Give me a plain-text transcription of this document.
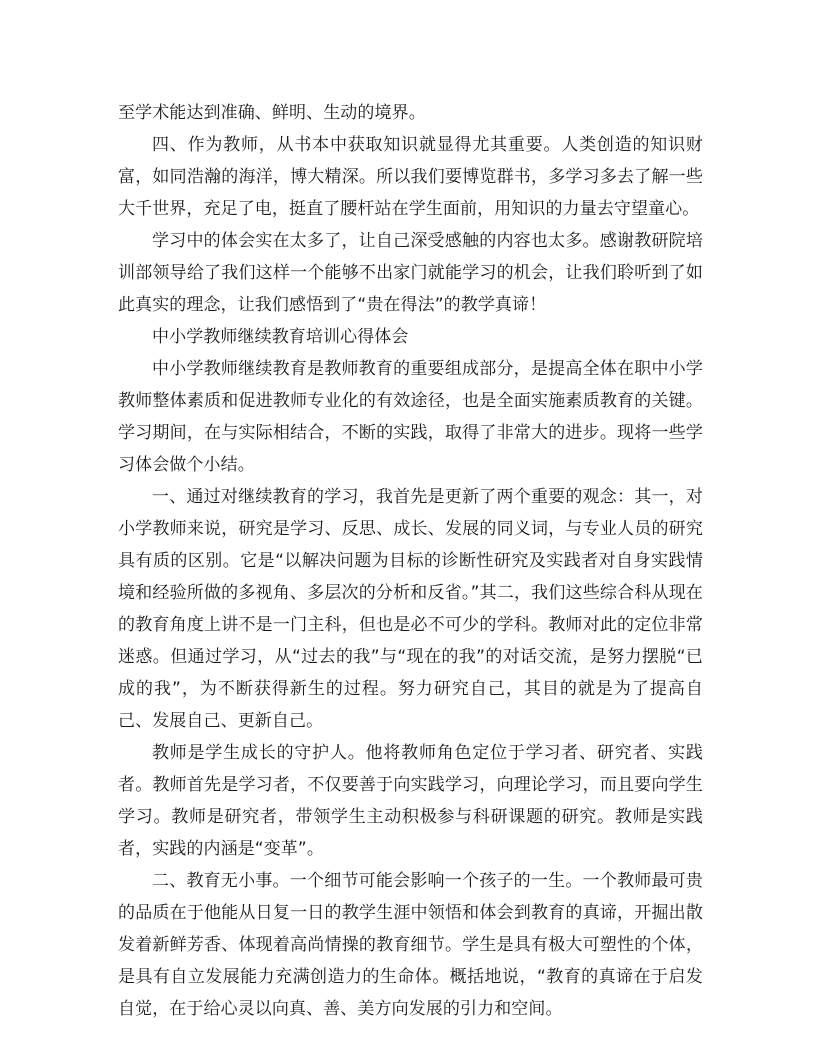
至学术能达到准确、鲜明、生动的境界。

四、作为教师，从书本中获取知识就显得尤其重要。人类创造的知识财富，如同浩瀚的海洋，博大精深。所以我们要博览群书，多学习多去了解一些大千世界，充足了电，挺直了腰杆站在学生面前，用知识的力量去守望童心。

学习中的体会实在太多了，让自己深受感触的内容也太多。感谢教研院培训部领导给了我们这样一个能够不出家门就能学习的机会，让我们聆听到了如此真实的理念，让我们感悟到了“贵在得法”的教学真谛！

中小学教师继续教育培训心得体会

中小学教师继续教育是教师教育的重要组成部分，是提高全体在职中小学教师整体素质和促进教师专业化的有效途径，也是全面实施素质教育的关键。学习期间，在与实际相结合，不断的实践，取得了非常大的进步。现将一些学习体会做个小结。

一、通过对继续教育的学习，我首先是更新了两个重要的观念：其一，对小学教师来说，研究是学习、反思、成长、发展的同义词，与专业人员的研究具有质的区别。它是“以解决问题为目标的诊断性研究及实践者对自身实践情境和经验所做的多视角、多层次的分析和反省。”其二，我们这些综合科从现在的教育角度上讲不是一门主科，但也是必不可少的学科。教师对此的定位非常迷惑。但通过学习，从“过去的我”与“现在的我”的对话交流，是努力摆脱“已成的我”，为不断获得新生的过程。努力研究自己，其目的就是为了提高自己、发展自己、更新自己。

教师是学生成长的守护人。他将教师角色定位于学习者、研究者、实践者。教师首先是学习者，不仅要善于向实践学习，向理论学习，而且要向学生学习。教师是研究者，带领学生主动积极参与科研课题的研究。教师是实践者，实践的内涵是“变革”。

二、教育无小事。一个细节可能会影响一个孩子的一生。一个教师最可贵的品质在于他能从日复一日的教学生涯中领悟和体会到教育的真谛，开掘出散发着新鲜芳香、体现着高尚情操的教育细节。学生是具有极大可塑性的个体，是具有自立发展能力充满创造力的生命体。概括地说，“教育的真谛在于启发自觉，在于给心灵以向真、善、美方向发展的引力和空间。
